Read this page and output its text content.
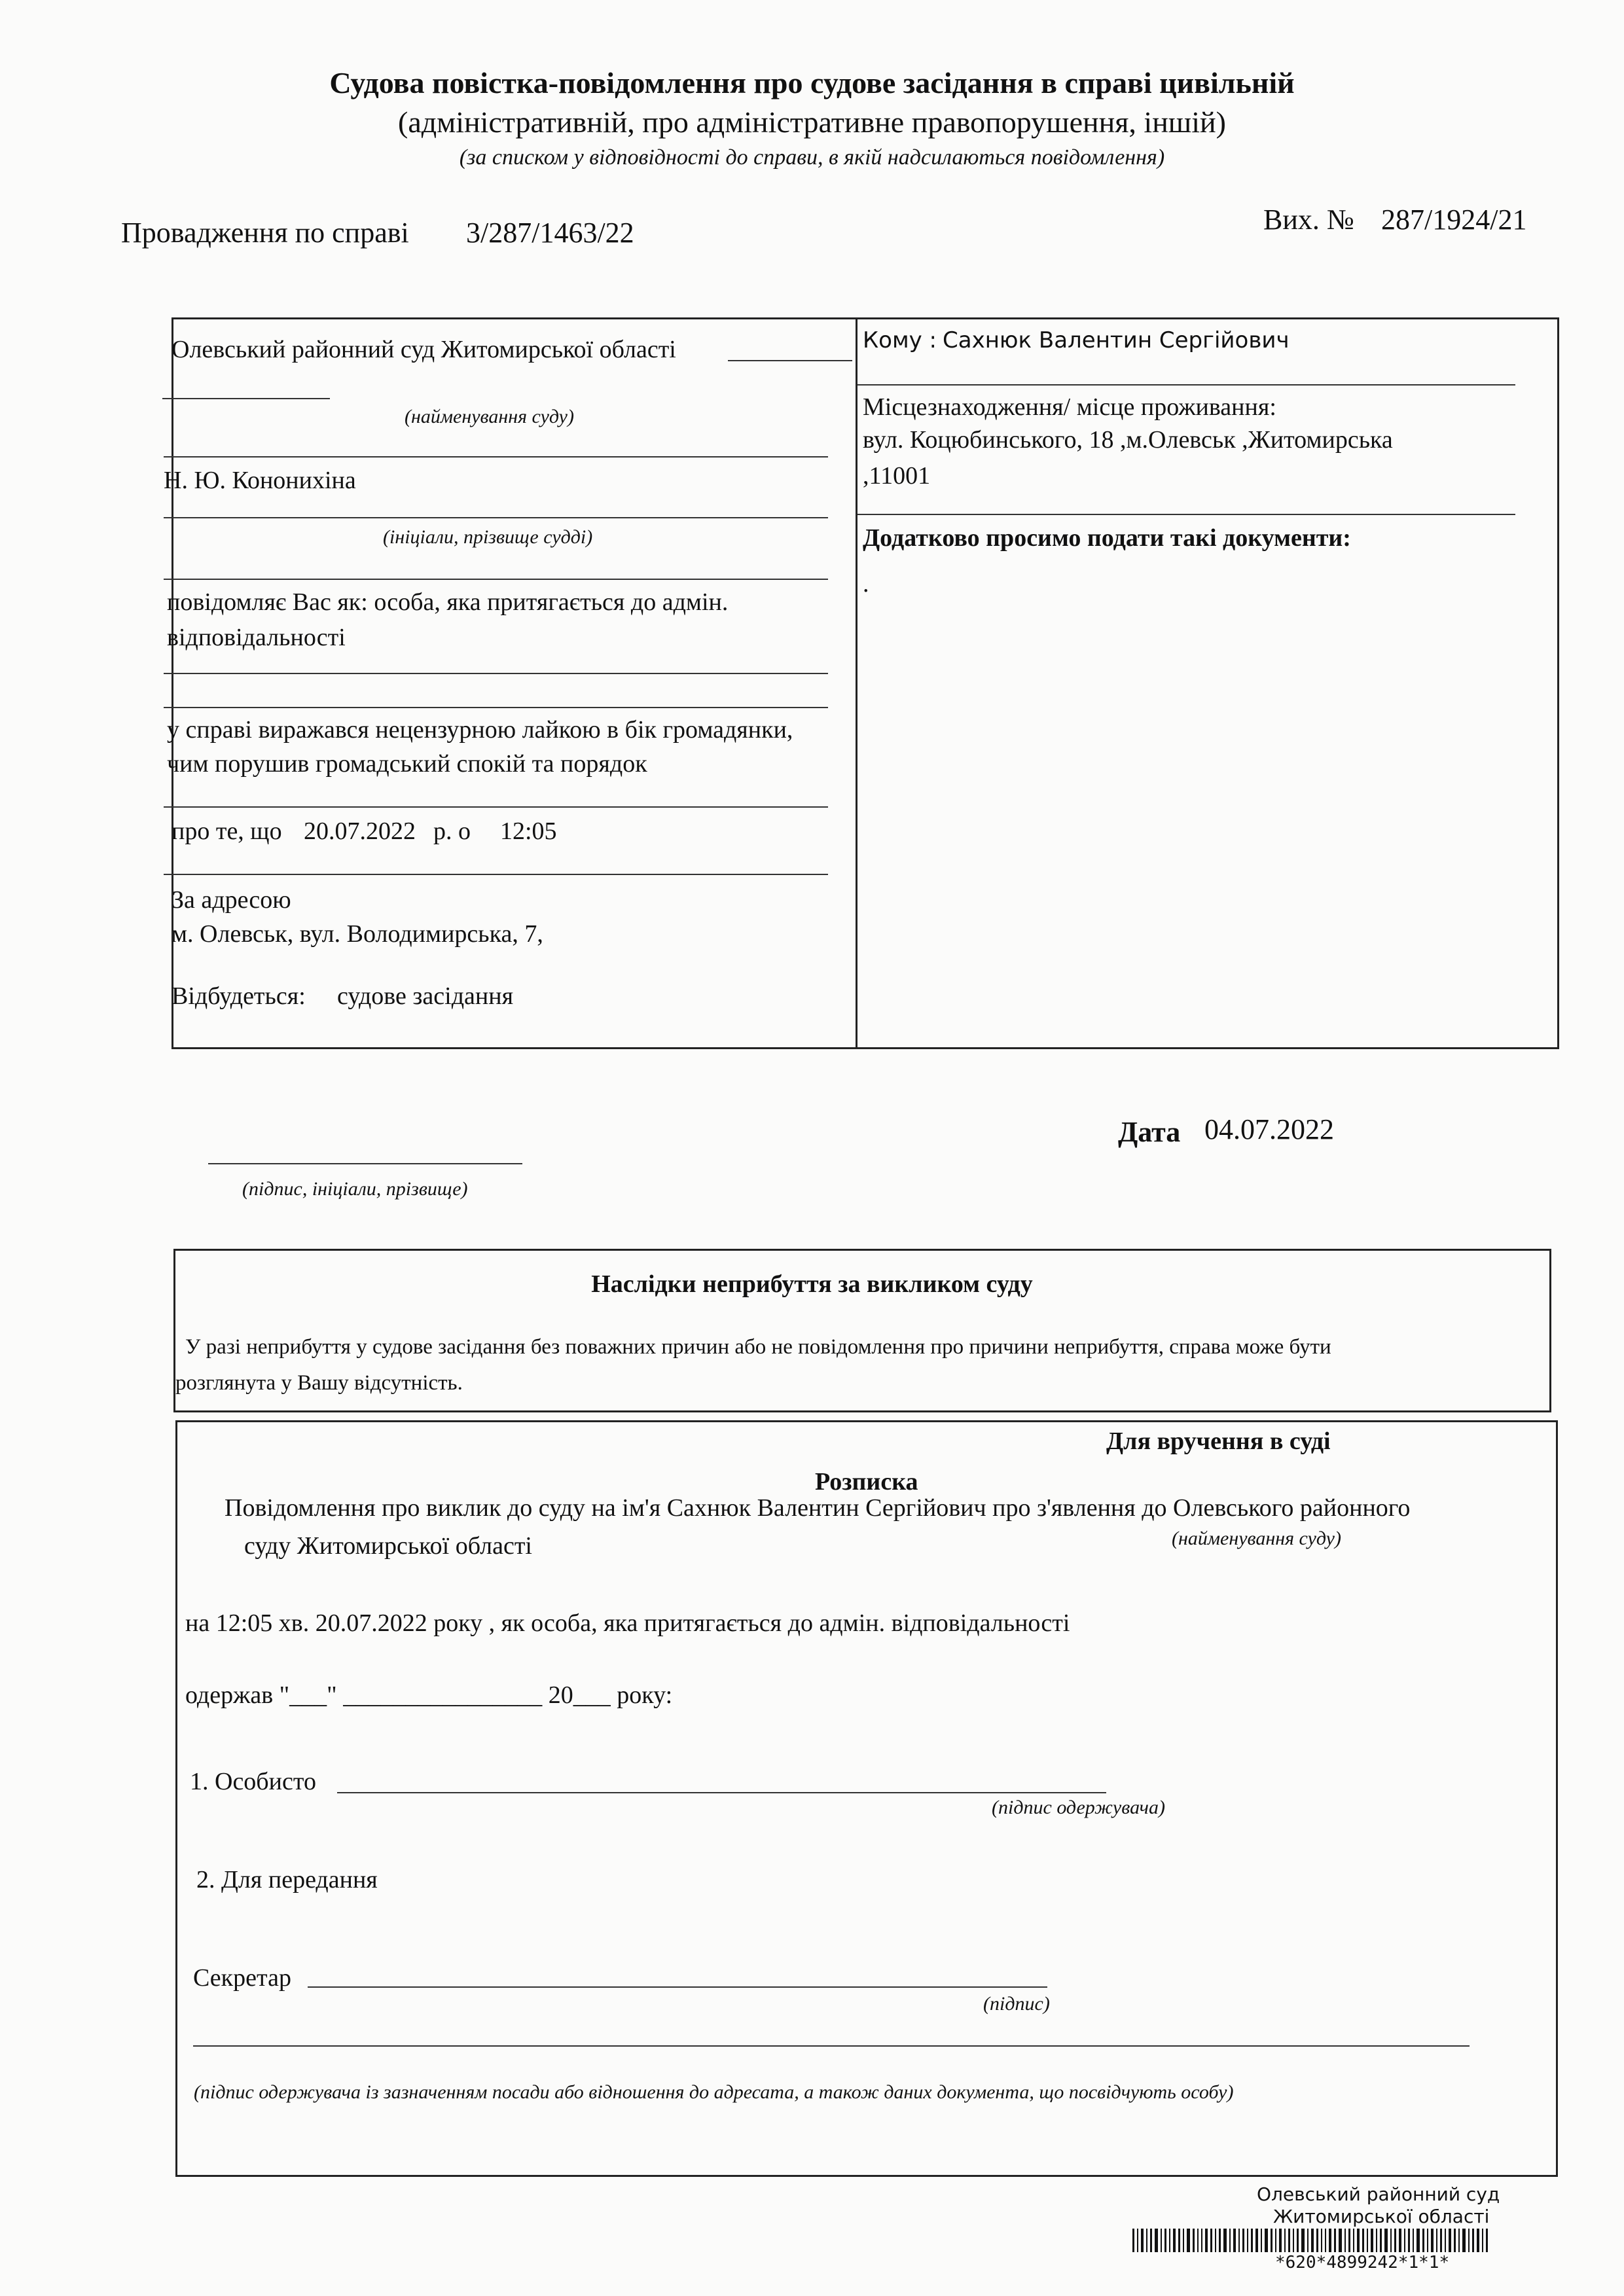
Судова повістка-повідомлення про судове засідання в справі цивільній
(адміністративній, про адміністративне правопорушення, іншій)
(за списком у відповідності до справи, в якій надсилаються повідомлення)
Провадження по справі 3/287/1463/22	Вих. № 287/1924/21
Олевський районний суд Житомирської області
(найменування суду)
Н. Ю. Кононихіна
(ініціали, прізвище судді)
повідомляє Вас як: особа, яка притягається до адмін.
відповідальності
у справі виражався нецензурною лайкою в бік громадянки,
чим порушив громадський спокій та порядок
про те, що 20.07.2022 р. о 12:05
За адресою
м. Олевськ, вул. Володимирська, 7,
Відбудеться: судове засідання
Кому : Сахнюк Валентин Сергійович
Місцезнаходження/ місце проживання:
вул. Коцюбинського, 18 ,м.Олевськ ,Житомирська
,11001
Додатково просимо подати такі документи:
.
(підпис, ініціали, прізвище)
Дата 04.07.2022
Наслідки неприбуття за викликом суду
У разі неприбуття у судове засідання без поважних причин або не повідомлення про причини неприбуття, справа може бути
розглянута у Вашу відсутність.
Для вручення в суді
Розписка
Повідомлення про виклик до суду на ім'я Сахнюк Валентин Сергійович про з'явлення до Олевського районного
(найменування суду)
суду Житомирської області
на 12:05 хв. 20.07.2022 року , як особа, яка притягається до адмін. відповідальності
одержав "___" ________________ 20___ року:
1. Особисто
(підпис одержувача)
2. Для передання
Секретар
(підпис)
(підпис одержувача із зазначенням посади або відношення до адресата, а також даних документа, що посвідчують особу)
Олевський районний суд
Житомирської області
*620*4899242*1*1*
